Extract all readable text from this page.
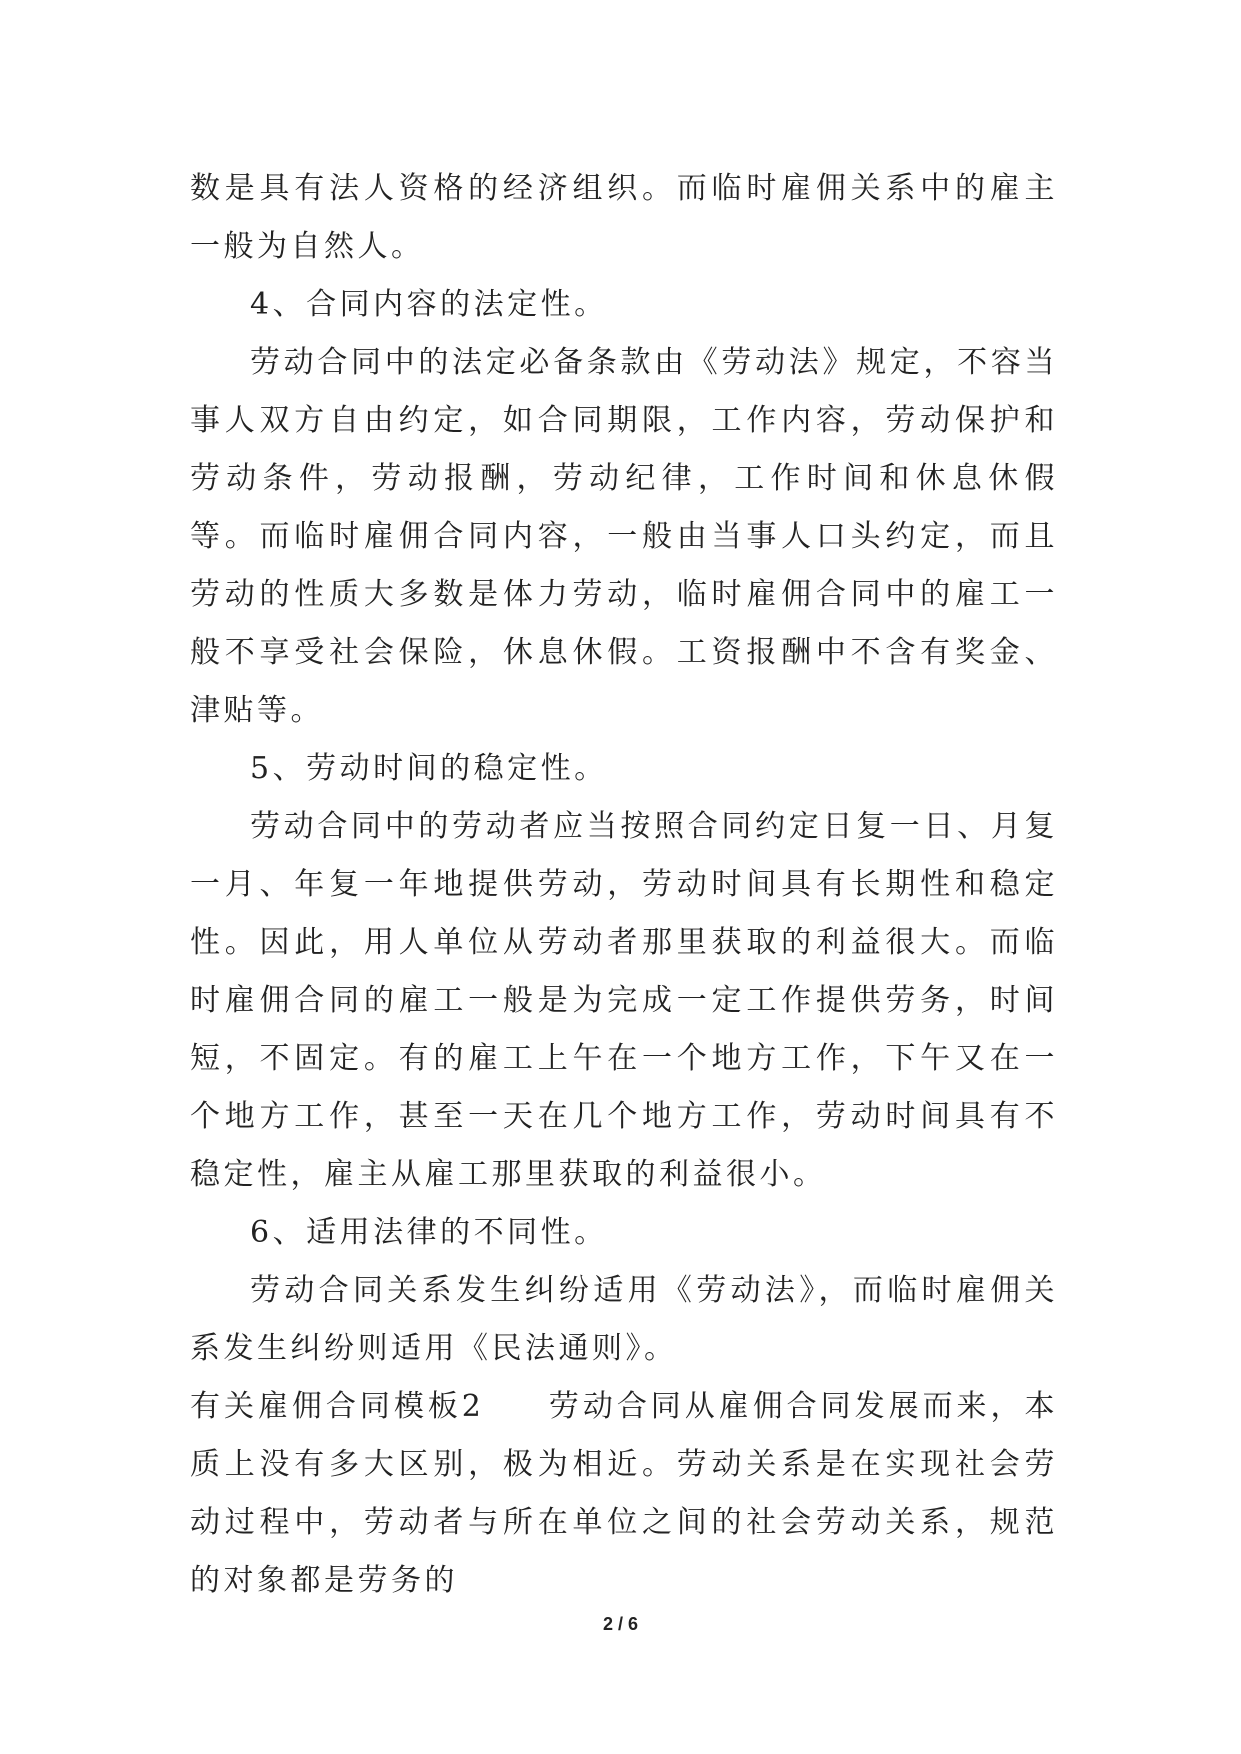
数是具有法人资格的经济组织。而临时雇佣关系中的雇主一般为自然人。

4、合同内容的法定性。

劳动合同中的法定必备条款由《劳动法》规定，不容当事人双方自由约定，如合同期限，工作内容，劳动保护和劳动条件，劳动报酬，劳动纪律，工作时间和休息休假等。而临时雇佣合同内容，一般由当事人口头约定，而且劳动的性质大多数是体力劳动，临时雇佣合同中的雇工一般不享受社会保险，休息休假。工资报酬中不含有奖金、津贴等。

5、劳动时间的稳定性。

劳动合同中的劳动者应当按照合同约定日复一日、月复一月、年复一年地提供劳动，劳动时间具有长期性和稳定性。因此，用人单位从劳动者那里获取的利益很大。而临时雇佣合同的雇工一般是为完成一定工作提供劳务，时间短，不固定。有的雇工上午在一个地方工作，下午又在一个地方工作，甚至一天在几个地方工作，劳动时间具有不稳定性，雇主从雇工那里获取的利益很小。

6、适用法律的不同性。

劳动合同关系发生纠纷适用《劳动法》，而临时雇佣关系发生纠纷则适用《民法通则》。

有关雇佣合同模板2 劳动合同从雇佣合同发展而来，本质上没有多大区别，极为相近。劳动关系是在实现社会劳动过程中，劳动者与所在单位之间的社会劳动关系，规范的对象都是劳务的

2 / 6
